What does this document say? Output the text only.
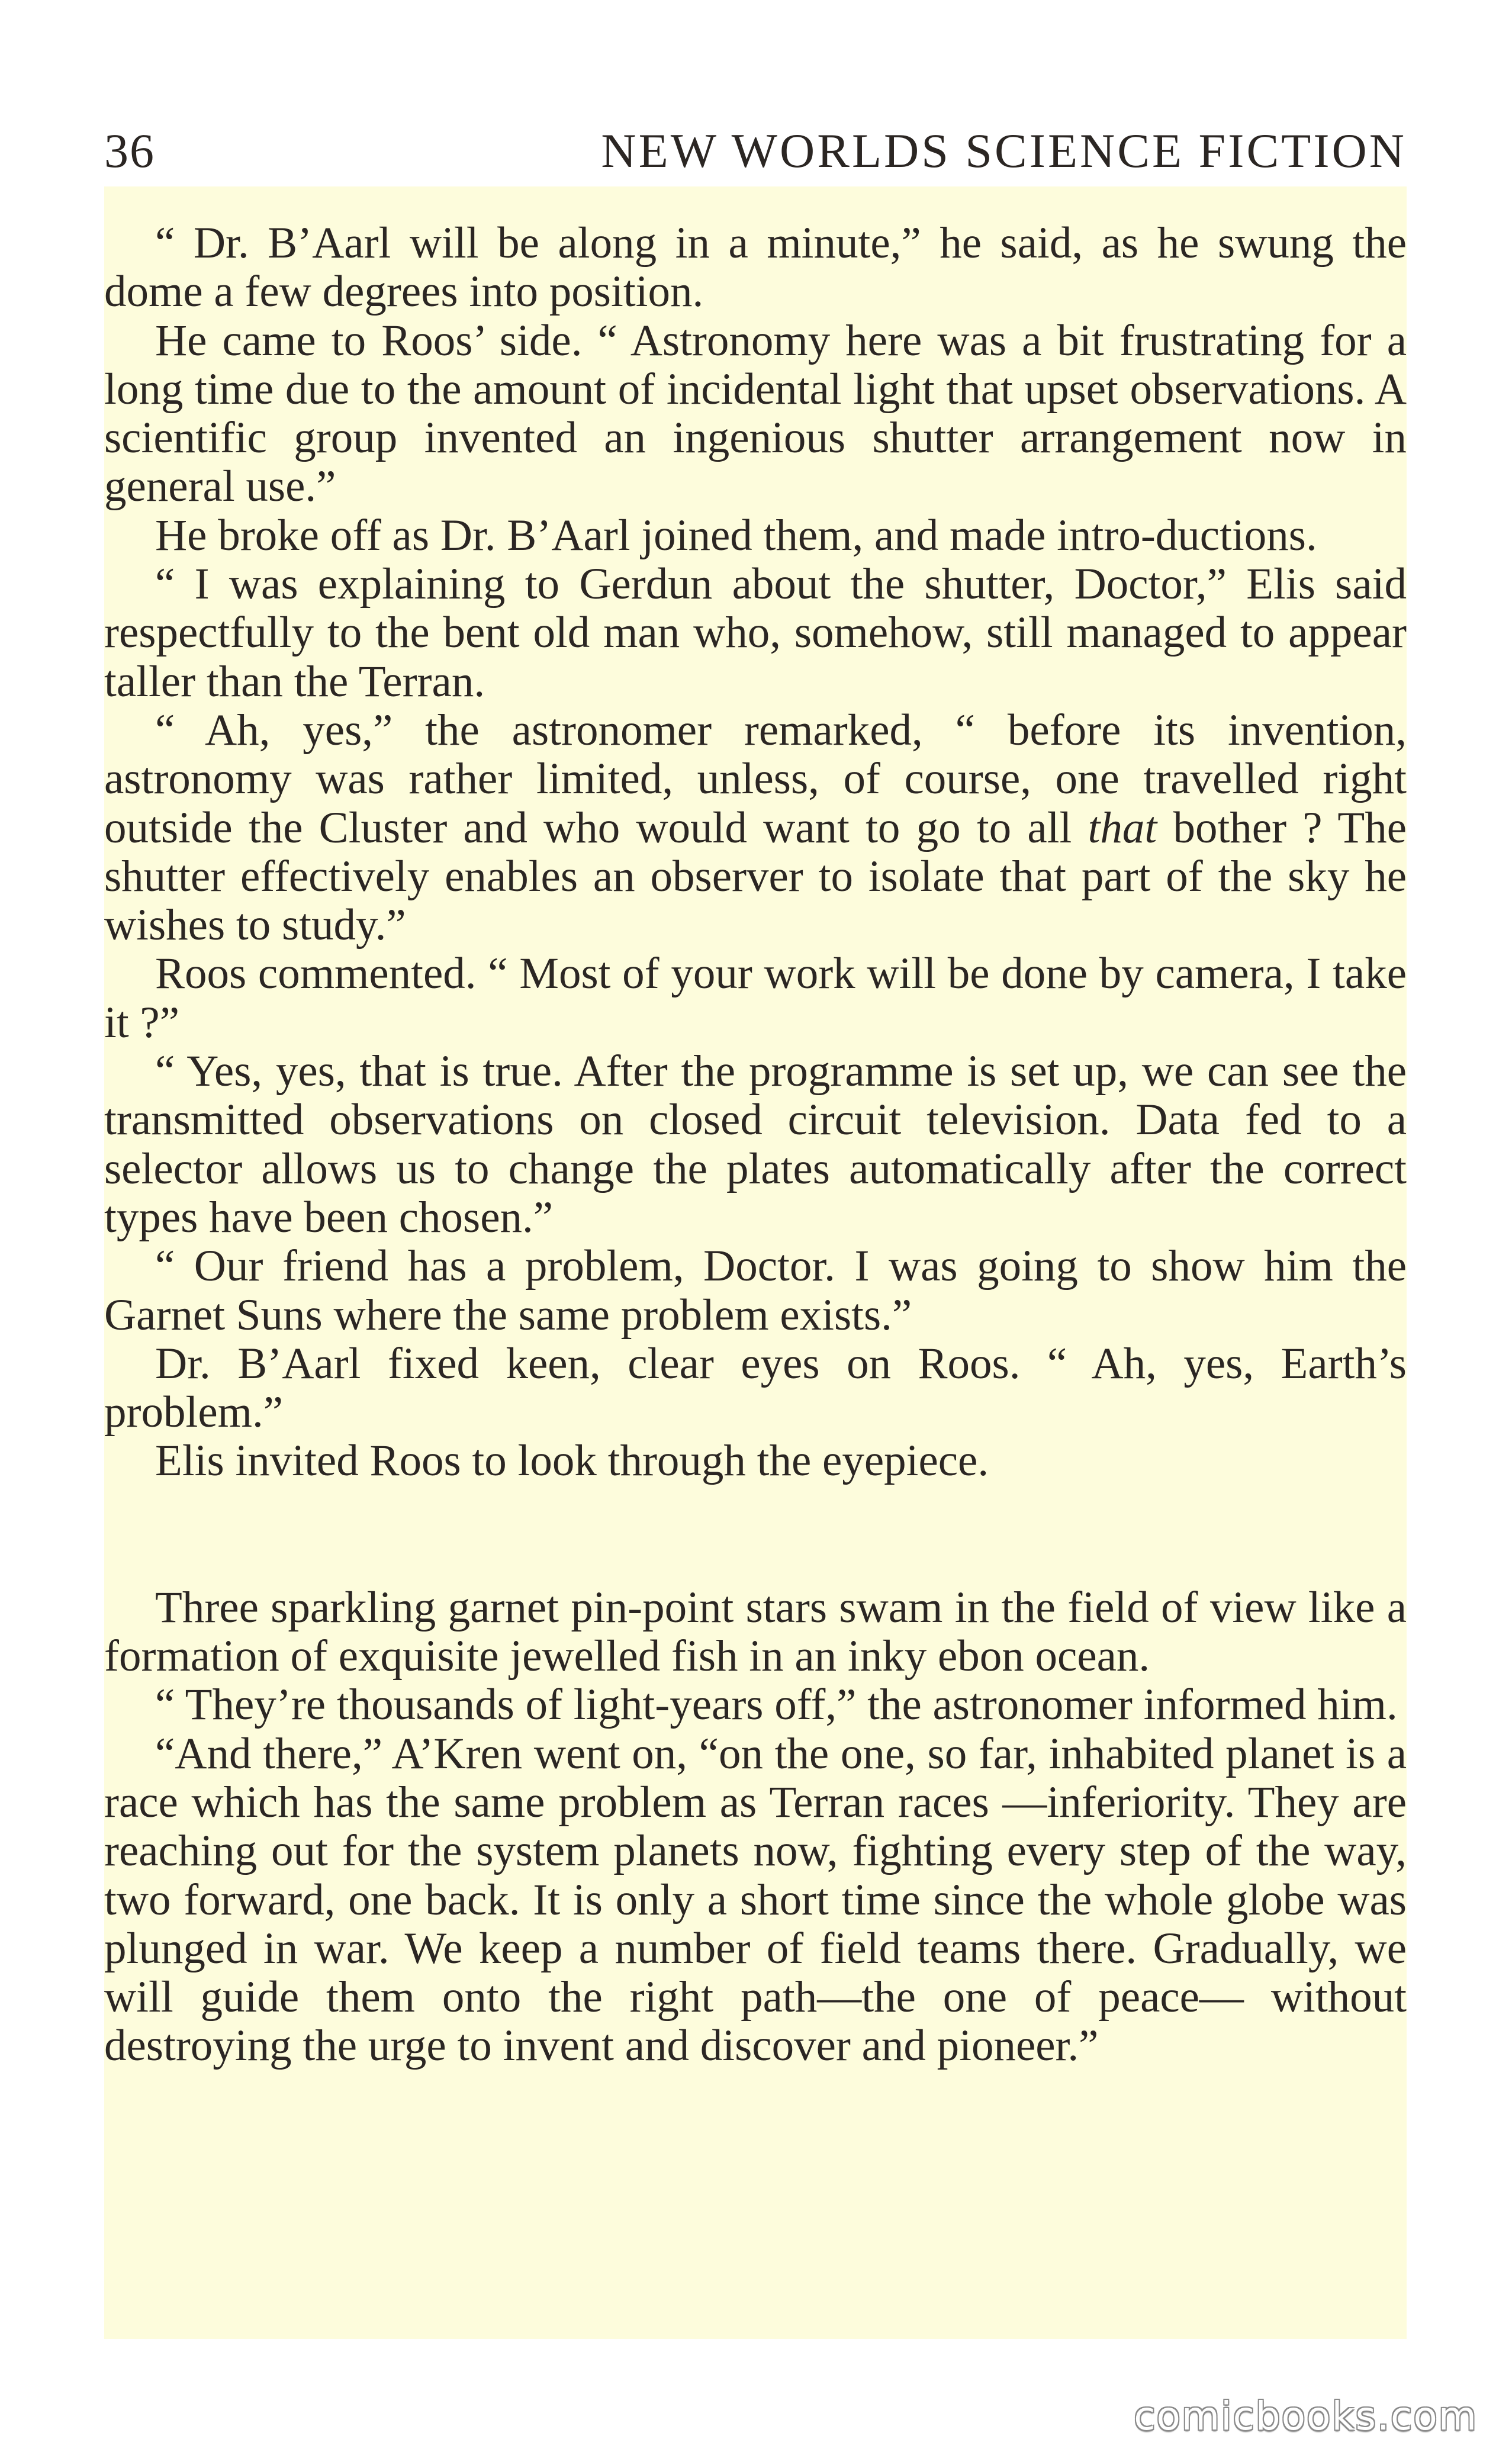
36	NEW WORLDS SCIENCE FICTION

“ Dr. B’Aarl will be along in a minute,” he said, as he swung the dome a few degrees into position.

He came to Roos’ side. “ Astronomy here was a bit frustrating for a long time due to the amount of incidental light that upset observations. A scientific group invented an ingenious shutter arrangement now in general use.”

He broke off as Dr. B’Aarl joined them, and made intro-ductions.

“ I was explaining to Gerdun about the shutter, Doctor,” Elis said respectfully to the bent old man who, somehow, still managed to appear taller than the Terran.

“ Ah, yes,” the astronomer remarked, “ before its invention, astronomy was rather limited, unless, of course, one travelled right outside the Cluster and who would want to go to all that bother ? The shutter effectively enables an observer to isolate that part of the sky he wishes to study.”

Roos commented. “ Most of your work will be done by camera, I take it ?”

“ Yes, yes, that is true. After the programme is set up, we can see the transmitted observations on closed circuit television. Data fed to a selector allows us to change the plates automatically after the correct types have been chosen.”

“ Our friend has a problem, Doctor. I was going to show him the Garnet Suns where the same problem exists.”

Dr. B’Aarl fixed keen, clear eyes on Roos. “ Ah, yes, Earth’s problem.”

Elis invited Roos to look through the eyepiece.

Three sparkling garnet pin-point stars swam in the field of view like a formation of exquisite jewelled fish in an inky ebon ocean.

“ They’re thousands of light-years off,” the astronomer informed him.

“And there,” A’Kren went on, “on the one, so far, inhabited planet is a race which has the same problem as Terran races —inferiority. They are reaching out for the system planets now, fighting every step of the way, two forward, one back. It is only a short time since the whole globe was plunged in war. We keep a number of field teams there. Gradually, we will guide them onto the right path—the one of peace— without destroying the urge to invent and discover and pioneer.”

comicbooks.com
